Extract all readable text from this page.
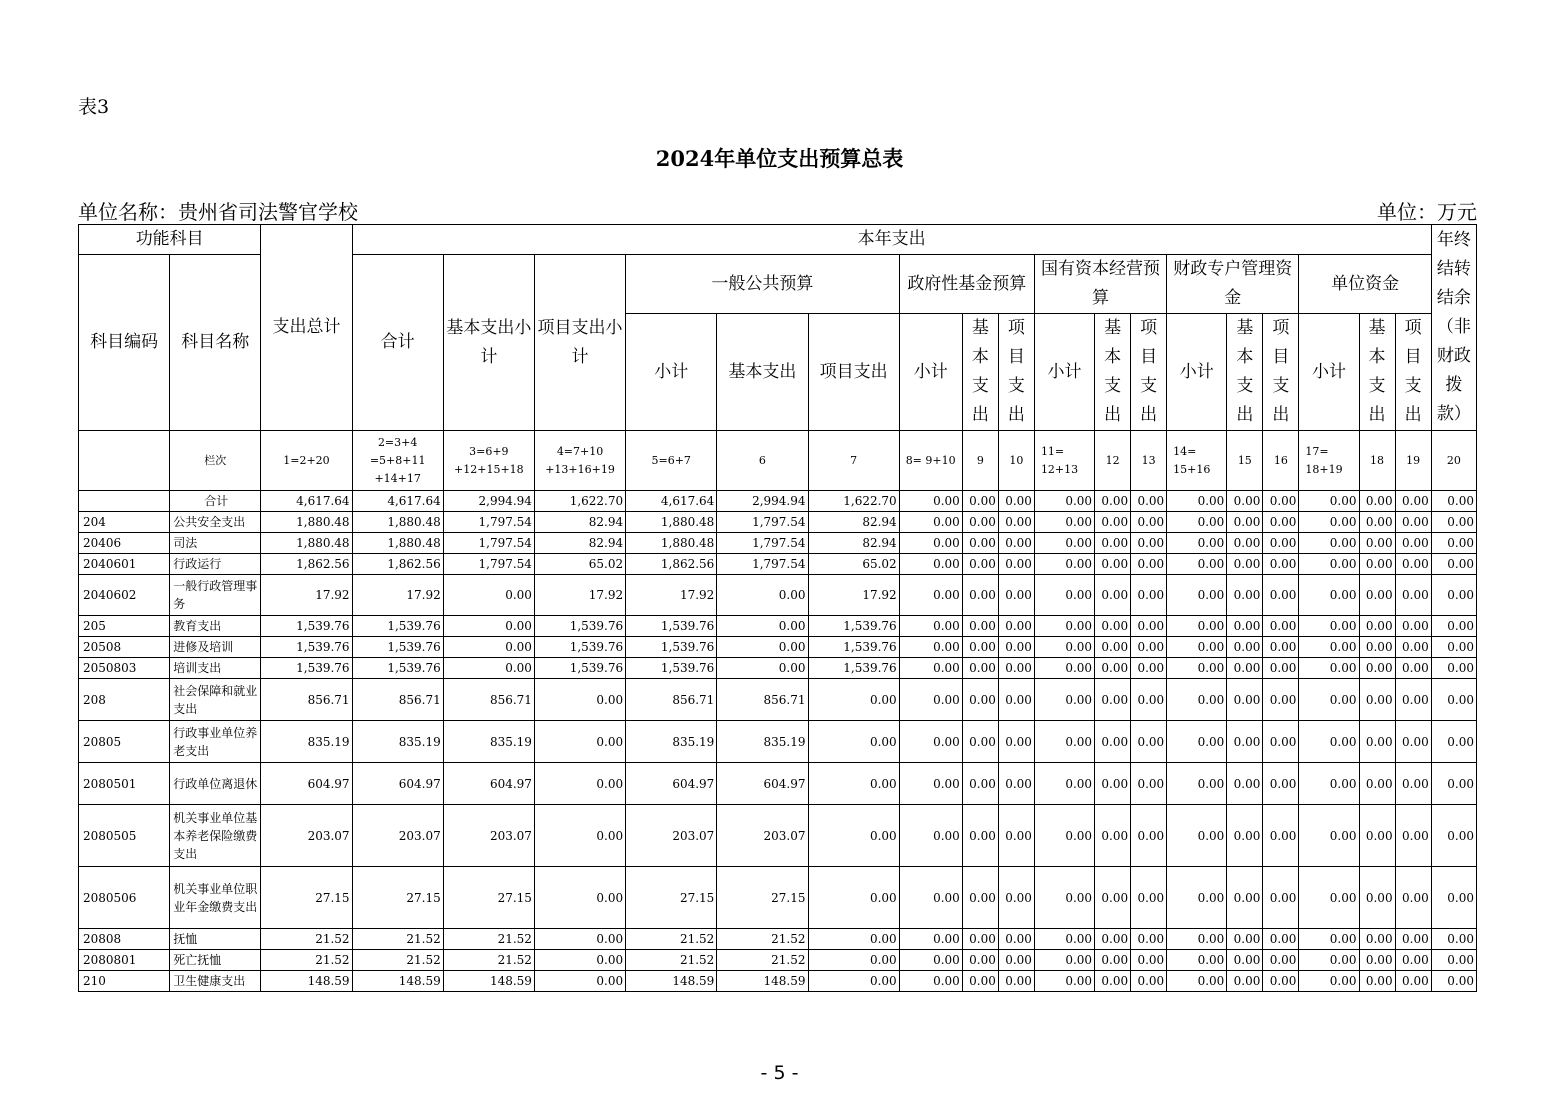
表3
2024年单位支出预算总表
单位名称：贵州省司法警官学校	单位：万元
功能科目		支出总计	本年支出																		年终结转结余（非财政拨款）
科目编码	科目名称		合计	基本支出小计	项目支出小计	一般公共预算			政府性基金预算			国有资本经营预算			财政专户管理资金			单位资金			
						小计	基本支出	项目支出	小计	基本支出	项目支出	小计	基本支出	项目支出	小计	基本支出	项目支出	小计	基本支出	项目支出	
	栏次	1=2+20	2=3+4 =5+8+11 +14+17	3=6+9 +12+15+18	4=7+10 +13+16+19	5=6+7	6	7	8= 9+10	9	10	11= 12+13	12	13	14= 15+16	15	16	17= 18+19	18	19	20
	合计	4,617.64	4,617.64	2,994.94	1,622.70	4,617.64	2,994.94	1,622.70	0.00	0.00	0.00	0.00	0.00	0.00	0.00	0.00	0.00	0.00	0.00	0.00	0.00
204	公共安全支出	1,880.48	1,880.48	1,797.54	82.94	1,880.48	1,797.54	82.94	0.00	0.00	0.00	0.00	0.00	0.00	0.00	0.00	0.00	0.00	0.00	0.00	0.00
20406	司法	1,880.48	1,880.48	1,797.54	82.94	1,880.48	1,797.54	82.94	0.00	0.00	0.00	0.00	0.00	0.00	0.00	0.00	0.00	0.00	0.00	0.00	0.00
2040601	行政运行	1,862.56	1,862.56	1,797.54	65.02	1,862.56	1,797.54	65.02	0.00	0.00	0.00	0.00	0.00	0.00	0.00	0.00	0.00	0.00	0.00	0.00	0.00
2040602	一般行政管理事务	17.92	17.92	0.00	17.92	17.92	0.00	17.92	0.00	0.00	0.00	0.00	0.00	0.00	0.00	0.00	0.00	0.00	0.00	0.00	0.00
205	教育支出	1,539.76	1,539.76	0.00	1,539.76	1,539.76	0.00	1,539.76	0.00	0.00	0.00	0.00	0.00	0.00	0.00	0.00	0.00	0.00	0.00	0.00	0.00
20508	进修及培训	1,539.76	1,539.76	0.00	1,539.76	1,539.76	0.00	1,539.76	0.00	0.00	0.00	0.00	0.00	0.00	0.00	0.00	0.00	0.00	0.00	0.00	0.00
2050803	培训支出	1,539.76	1,539.76	0.00	1,539.76	1,539.76	0.00	1,539.76	0.00	0.00	0.00	0.00	0.00	0.00	0.00	0.00	0.00	0.00	0.00	0.00	0.00
208	社会保障和就业支出	856.71	856.71	856.71	0.00	856.71	856.71	0.00	0.00	0.00	0.00	0.00	0.00	0.00	0.00	0.00	0.00	0.00	0.00	0.00	0.00
20805	行政事业单位养老支出	835.19	835.19	835.19	0.00	835.19	835.19	0.00	0.00	0.00	0.00	0.00	0.00	0.00	0.00	0.00	0.00	0.00	0.00	0.00	0.00
2080501	行政单位离退休	604.97	604.97	604.97	0.00	604.97	604.97	0.00	0.00	0.00	0.00	0.00	0.00	0.00	0.00	0.00	0.00	0.00	0.00	0.00	0.00
2080505	机关事业单位基本养老保险缴费支出	203.07	203.07	203.07	0.00	203.07	203.07	0.00	0.00	0.00	0.00	0.00	0.00	0.00	0.00	0.00	0.00	0.00	0.00	0.00	0.00
2080506	机关事业单位职业年金缴费支出	27.15	27.15	27.15	0.00	27.15	27.15	0.00	0.00	0.00	0.00	0.00	0.00	0.00	0.00	0.00	0.00	0.00	0.00	0.00	0.00
20808	抚恤	21.52	21.52	21.52	0.00	21.52	21.52	0.00	0.00	0.00	0.00	0.00	0.00	0.00	0.00	0.00	0.00	0.00	0.00	0.00	0.00
2080801	死亡抚恤	21.52	21.52	21.52	0.00	21.52	21.52	0.00	0.00	0.00	0.00	0.00	0.00	0.00	0.00	0.00	0.00	0.00	0.00	0.00	0.00
210	卫生健康支出	148.59	148.59	148.59	0.00	148.59	148.59	0.00	0.00	0.00	0.00	0.00	0.00	0.00	0.00	0.00	0.00	0.00	0.00	0.00	0.00
- 5 -
